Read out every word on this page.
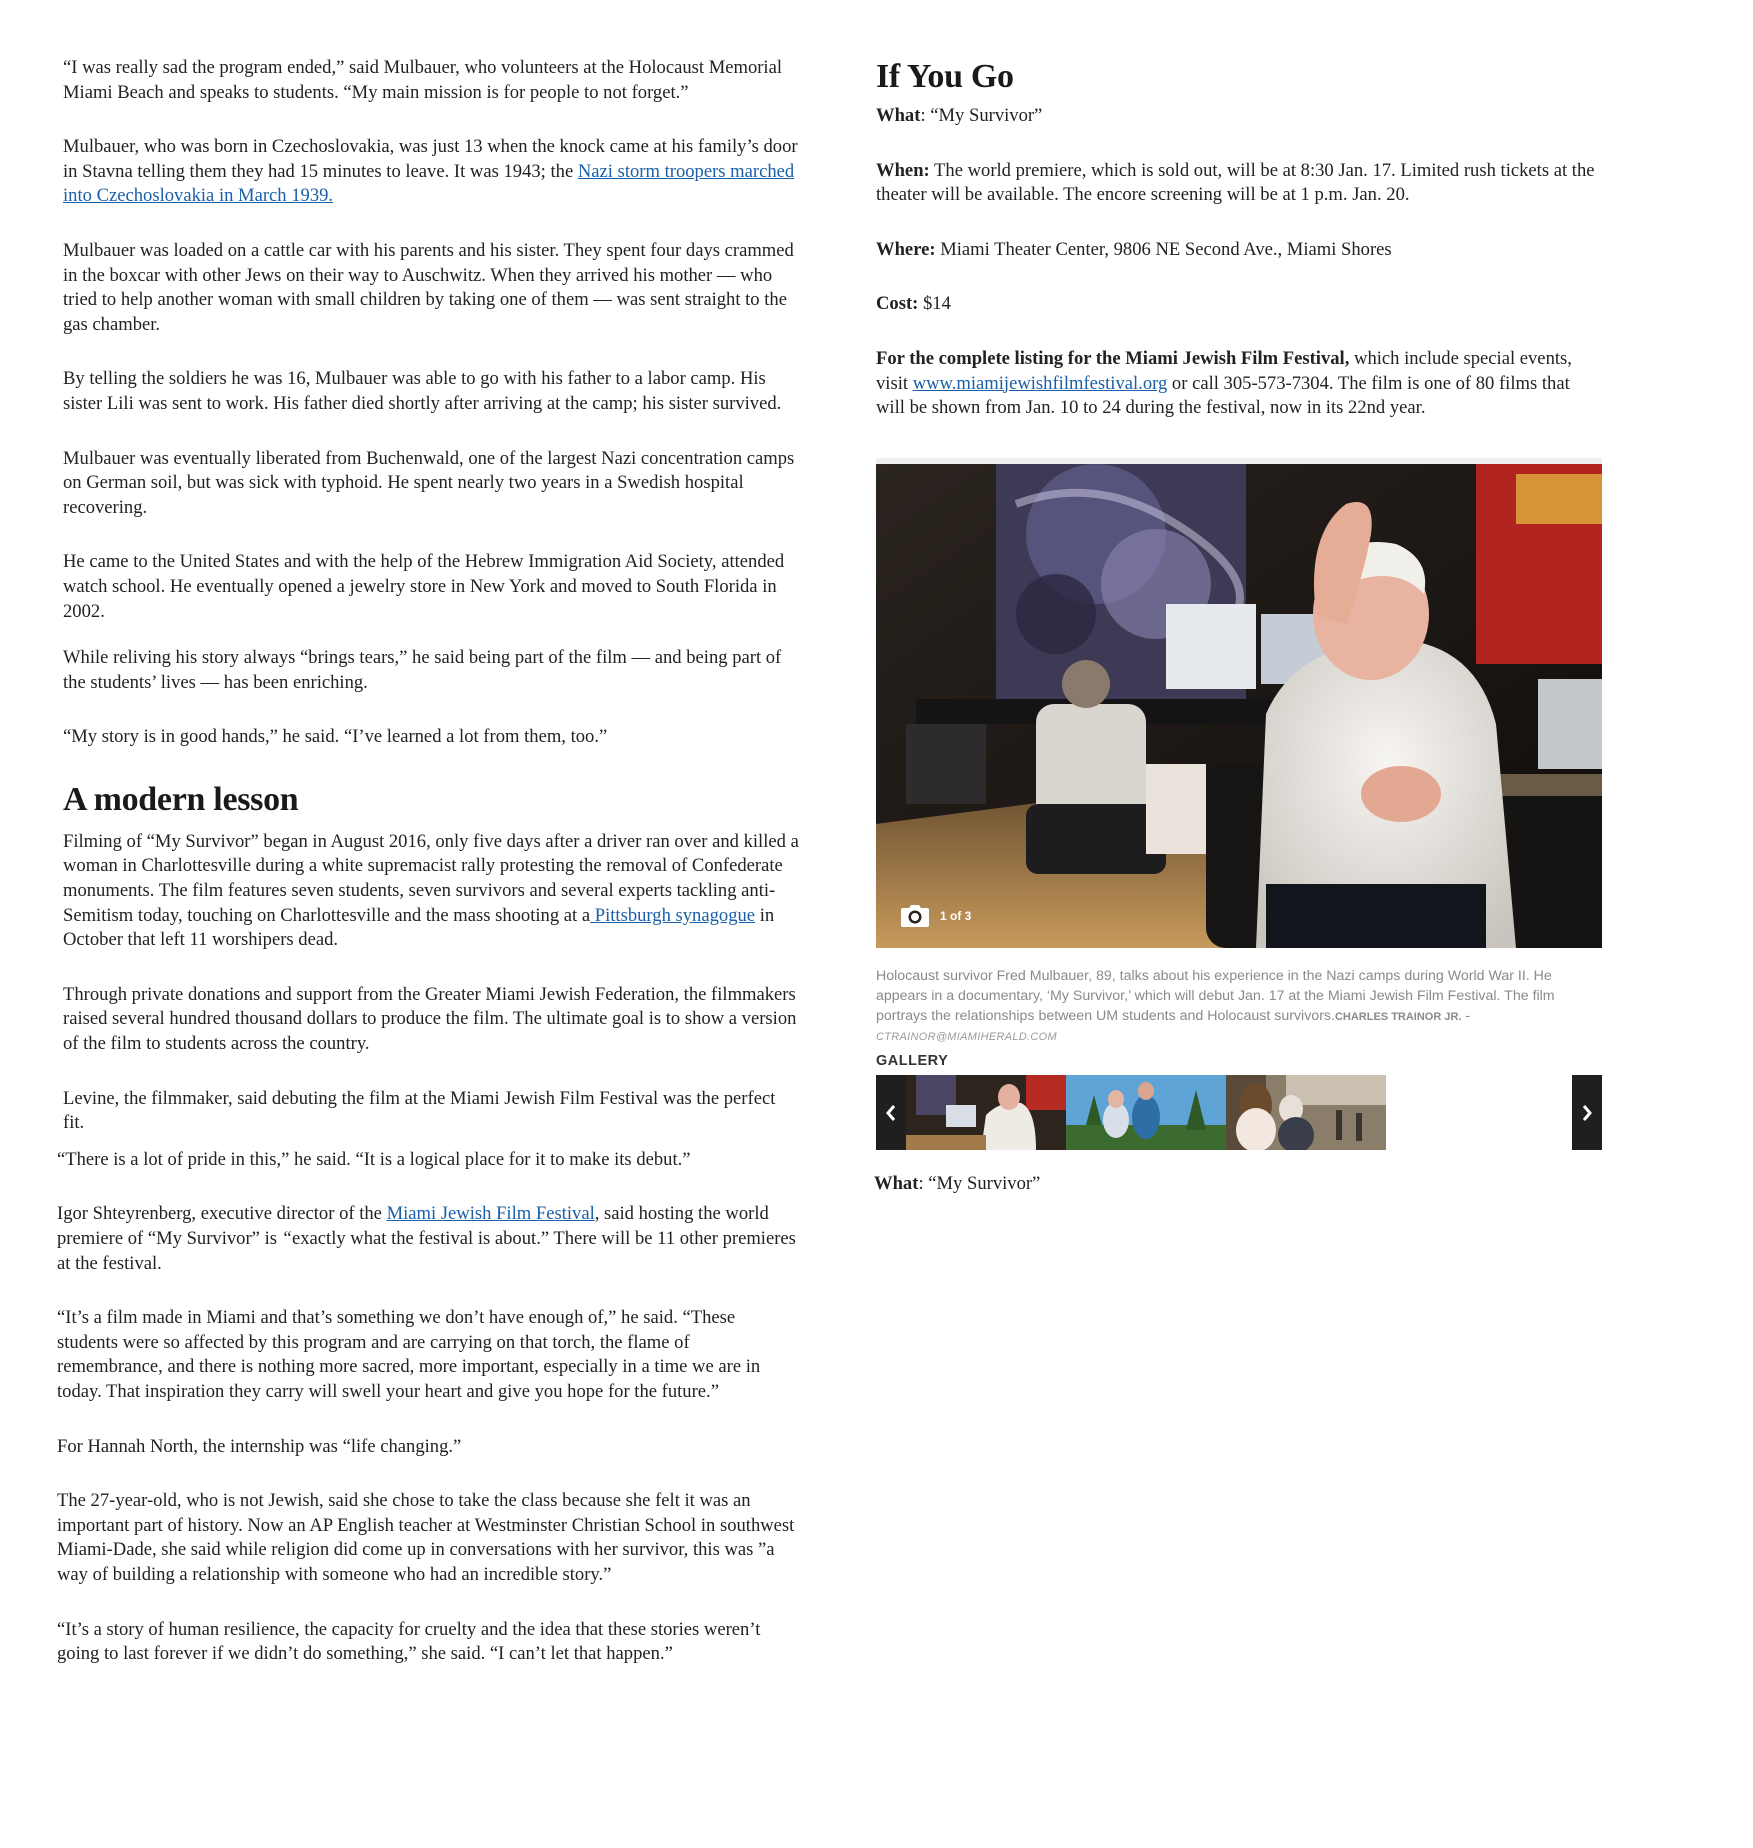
“I was really sad the program ended,” said Mulbauer, who volunteers at the Holocaust Memorial Miami Beach and speaks to students. “My main mission is for people to not forget.”

Mulbauer, who was born in Czechoslovakia, was just 13 when the knock came at his family’s door in Stavna telling them they had 15 minutes to leave. It was 1943; the Nazi storm troopers marched into Czechoslovakia in March 1939.

Mulbauer was loaded on a cattle car with his parents and his sister. They spent four days crammed in the boxcar with other Jews on their way to Auschwitz. When they arrived his mother — who tried to help another woman with small children by taking one of them — was sent straight to the gas chamber.

By telling the soldiers he was 16, Mulbauer was able to go with his father to a labor camp. His sister Lili was sent to work. His father died shortly after arriving at the camp; his sister survived.

Mulbauer was eventually liberated from Buchenwald, one of the largest Nazi concentration camps on German soil, but was sick with typhoid. He spent nearly two years in a Swedish hospital recovering.

He came to the United States and with the help of the Hebrew Immigration Aid Society, attended watch school. He eventually opened a jewelry store in New York and moved to South Florida in 2002.

While reliving his story always “brings tears,” he said being part of the film — and being part of the students’ lives — has been enriching.

“My story is in good hands,” he said. “I’ve learned a lot from them, too.”

A modern lesson

Filming of “My Survivor” began in August 2016, only five days after a driver ran over and killed a woman in Charlottesville during a white supremacist rally protesting the removal of Confederate monuments. The film features seven students, seven survivors and several experts tackling anti-Semitism today, touching on Charlottesville and the mass shooting at a Pittsburgh synagogue in October that left 11 worshipers dead.

Through private donations and support from the Greater Miami Jewish Federation, the filmmakers raised several hundred thousand dollars to produce the film. The ultimate goal is to show a version of the film to students across the country.

Levine, the filmmaker, said debuting the film at the Miami Jewish Film Festival was the perfect fit.

“There is a lot of pride in this,” he said. “It is a logical place for it to make its debut.”

Igor Shteyrenberg, executive director of the Miami Jewish Film Festival, said hosting the world premiere of “My Survivor” is “exactly what the festival is about.” There will be 11 other premieres at the festival.

“It’s a film made in Miami and that’s something we don’t have enough of,” he said. “These students were so affected by this program and are carrying on that torch, the flame of remembrance, and there is nothing more sacred, more important, especially in a time we are in today. That inspiration they carry will swell your heart and give you hope for the future.”

For Hannah North, the internship was “life changing.”

The 27-year-old, who is not Jewish, said she chose to take the class because she felt it was an important part of history. Now an AP English teacher at Westminster Christian School in southwest Miami-Dade, she said while religion did come up in conversations with her survivor, this was ”a way of building a relationship with someone who had an incredible story.”

“It’s a story of human resilience, the capacity for cruelty and the idea that these stories weren’t going to last forever if we didn’t do something,” she said. “I can’t let that happen.”

If You Go

What: “My Survivor”

When: The world premiere, which is sold out, will be at 8:30 Jan. 17. Limited rush tickets at the theater will be available. The encore screening will be at 1 p.m. Jan. 20.

Where: Miami Theater Center, 9806 NE Second Ave., Miami Shores

Cost: $14

For the complete listing for the Miami Jewish Film Festival, which include special events, visit www.miamijewishfilmfestival.org or call 305-573-7304. The film is one of 80 films that will be shown from Jan. 10 to 24 during the festival, now in its 22nd year.

1 of 3
Holocaust survivor Fred Mulbauer, 89, talks about his experience in the Nazi camps during World War II. He appears in a documentary, ‘My Survivor,’ which will debut Jan. 17 at the Miami Jewish Film Festival. The film portrays the relationships between UM students and Holocaust survivors.CHARLES TRAINOR JR. -
CTRAINOR@MIAMIHERALD.COM
GALLERY
What: “My Survivor”
